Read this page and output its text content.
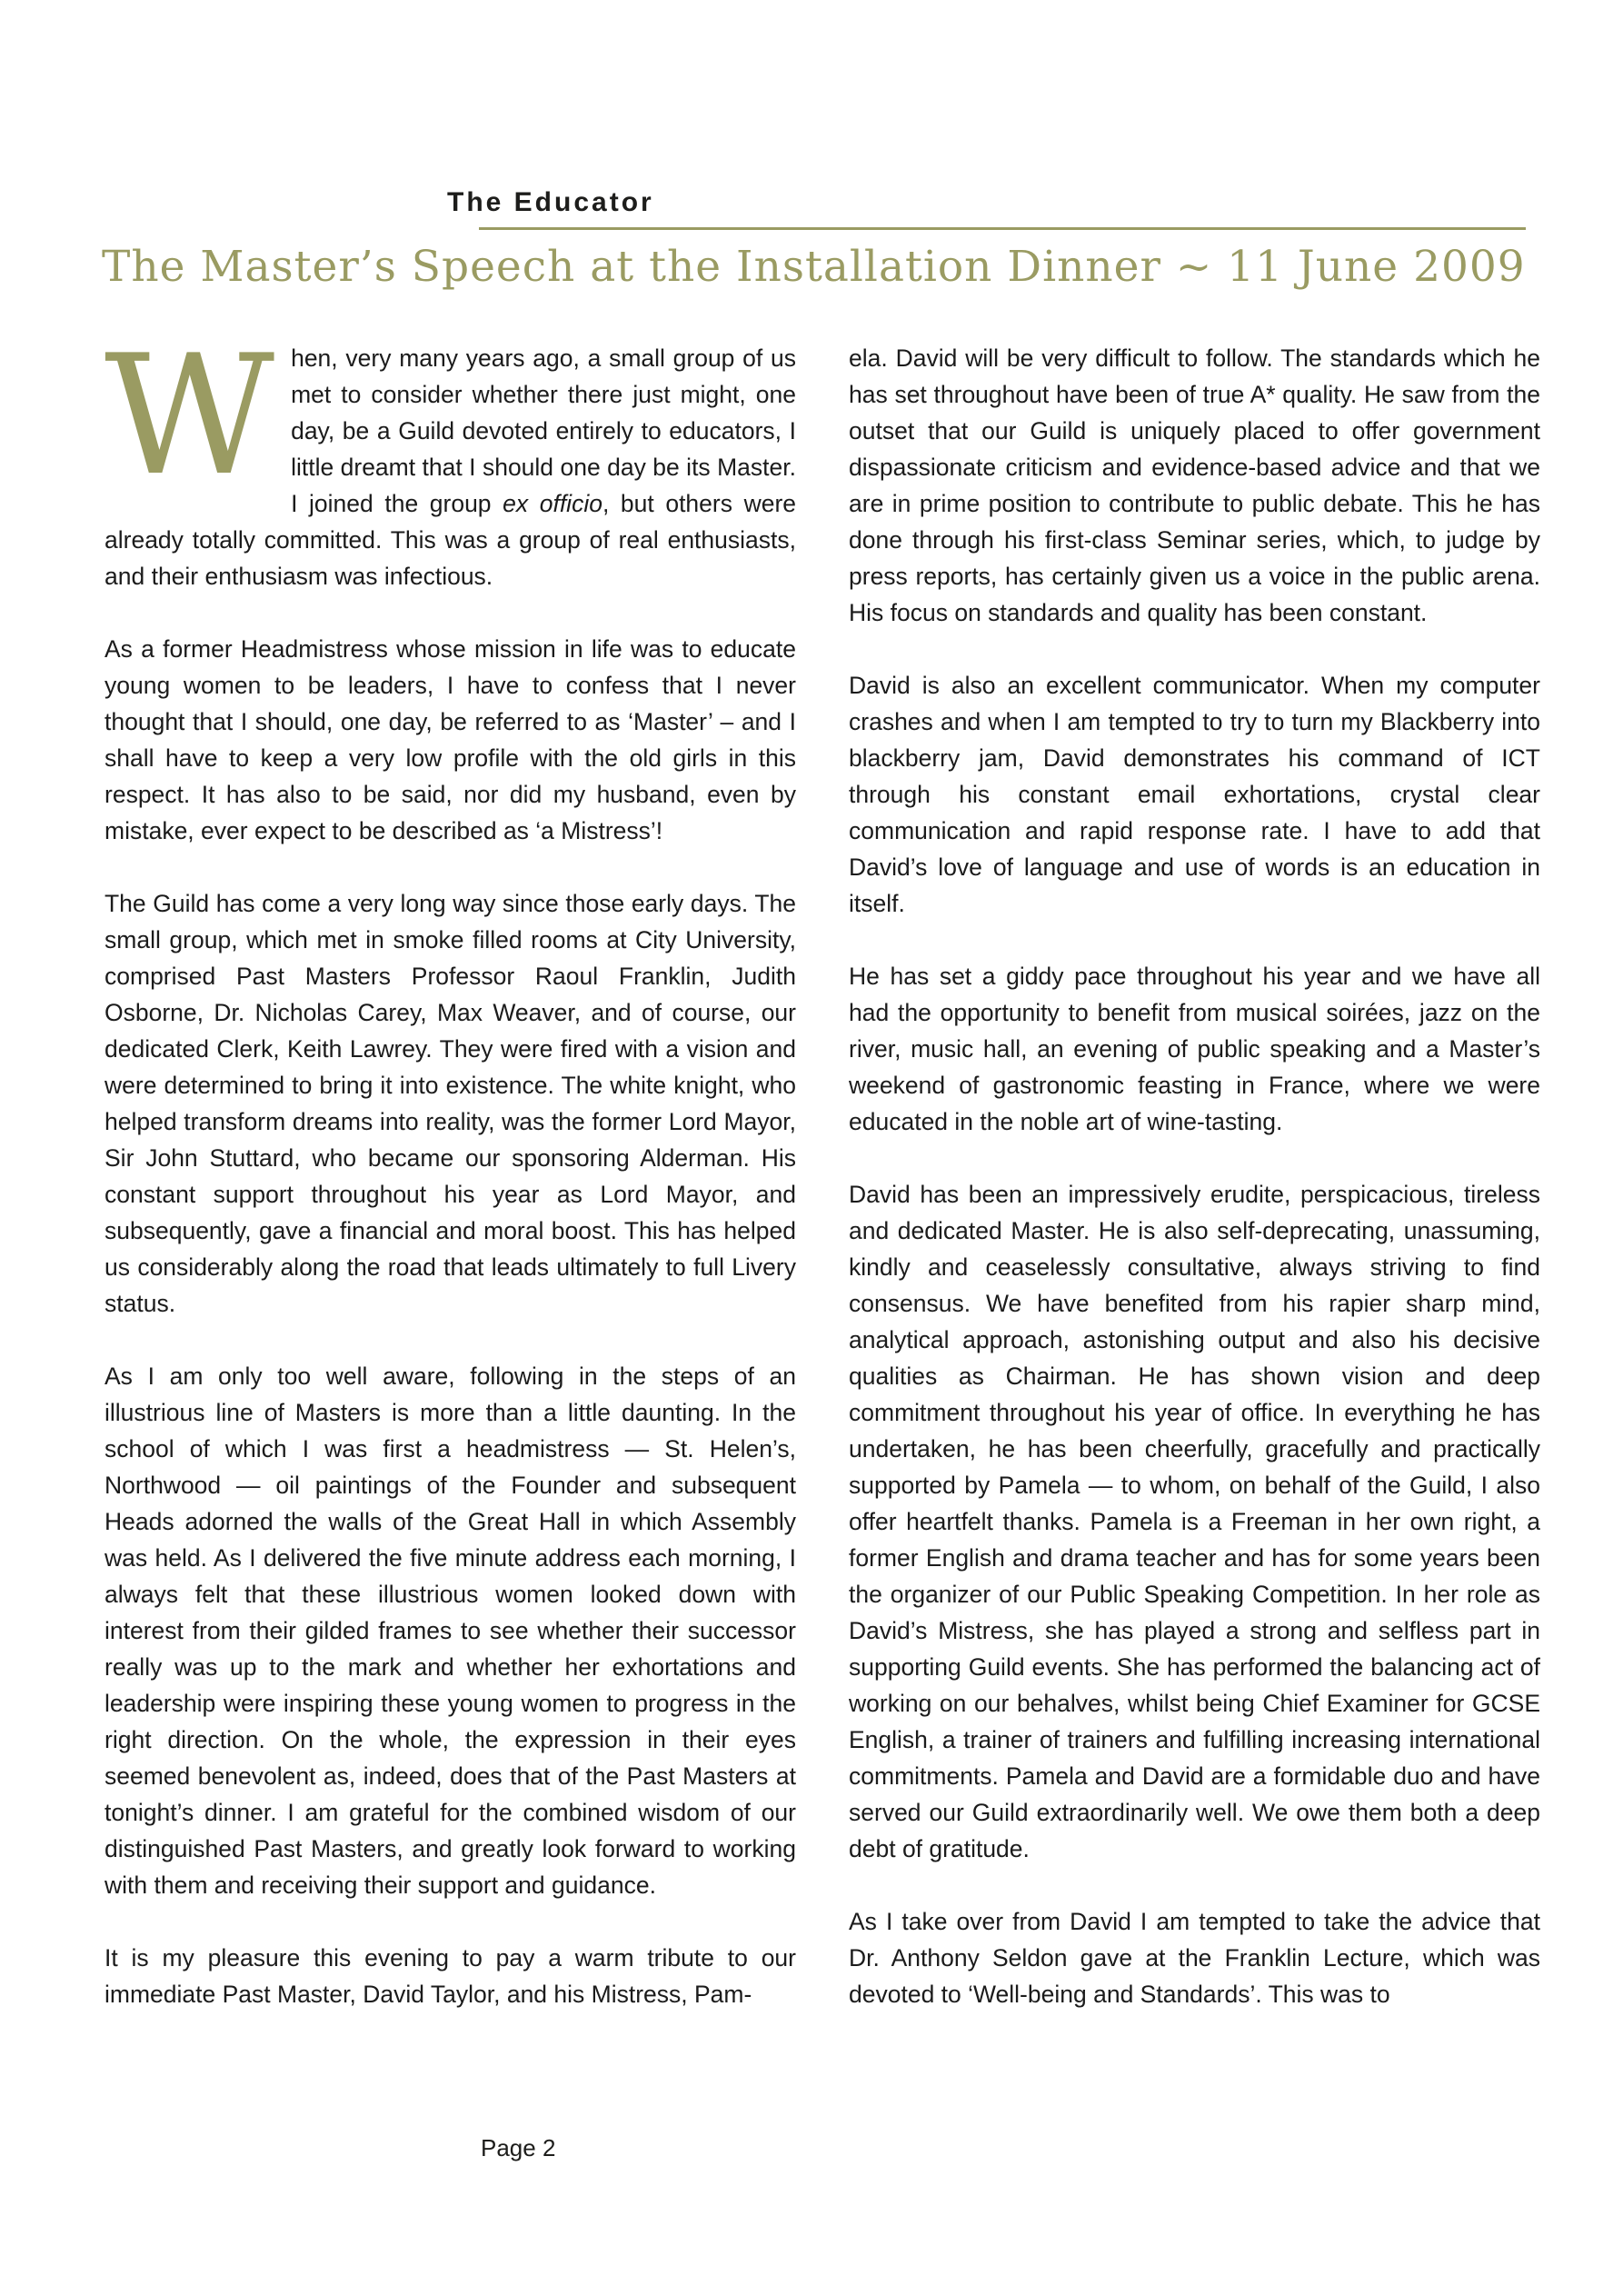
The Educator
The Master’s Speech at the Installation Dinner ~ 11 June 2009

When, very many years ago, a small group of us met to consider whether there just might, one day, be a Guild devoted entirely to educators, I little dreamt that I should one day be its Master. I joined the group ex officio, but others were already totally committed. This was a group of real enthusiasts, and their enthusiasm was infectious.

As a former Headmistress whose mission in life was to educate young women to be leaders, I have to confess that I never thought that I should, one day, be referred to as ‘Master’ – and I shall have to keep a very low profile with the old girls in this respect. It has also to be said, nor did my husband, even by mistake, ever expect to be described as ‘a Mistress’!

The Guild has come a very long way since those early days. The small group, which met in smoke filled rooms at City University, comprised Past Masters Professor Raoul Franklin, Judith Osborne, Dr. Nicholas Carey, Max Weaver, and of course, our dedicated Clerk, Keith Lawrey. They were fired with a vision and were determined to bring it into existence. The white knight, who helped transform dreams into reality, was the former Lord Mayor, Sir John Stuttard, who became our sponsoring Alderman. His constant support throughout his year as Lord Mayor, and subsequently, gave a financial and moral boost. This has helped us considerably along the road that leads ultimately to full Livery status.

As I am only too well aware, following in the steps of an illustrious line of Masters is more than a little daunting. In the school of which I was first a headmistress — St. Helen’s, Northwood — oil paintings of the Founder and subsequent Heads adorned the walls of the Great Hall in which Assembly was held. As I delivered the five minute address each morning, I always felt that these illustrious women looked down with interest from their gilded frames to see whether their successor really was up to the mark and whether her exhortations and leadership were inspiring these young women to progress in the right direction. On the whole, the expression in their eyes seemed benevolent as, indeed, does that of the Past Masters at tonight’s dinner. I am grateful for the combined wisdom of our distinguished Past Masters, and greatly look forward to working with them and receiving their support and guidance.

It is my pleasure this evening to pay a warm tribute to our immediate Past Master, David Taylor, and his Mistress, Pam-

ela. David will be very difficult to follow. The standards which he has set throughout have been of true A* quality. He saw from the outset that our Guild is uniquely placed to offer government dispassionate criticism and evidence-based advice and that we are in prime position to contribute to public debate. This he has done through his first-class Seminar series, which, to judge by press reports, has certainly given us a voice in the public arena. His focus on standards and quality has been constant.

David is also an excellent communicator. When my computer crashes and when I am tempted to try to turn my Blackberry into blackberry jam, David demonstrates his command of ICT through his constant email exhortations, crystal clear communication and rapid response rate. I have to add that David’s love of language and use of words is an education in itself.

He has set a giddy pace throughout his year and we have all had the opportunity to benefit from musical soirées, jazz on the river, music hall, an evening of public speaking and a Master’s weekend of gastronomic feasting in France, where we were educated in the noble art of wine-tasting.

David has been an impressively erudite, perspicacious, tireless and dedicated Master. He is also self-deprecating, unassuming, kindly and ceaselessly consultative, always striving to find consensus. We have benefited from his rapier sharp mind, analytical approach, astonishing output and also his decisive qualities as Chairman. He has shown vision and deep commitment throughout his year of office. In everything he has undertaken, he has been cheerfully, gracefully and practically supported by Pamela — to whom, on behalf of the Guild, I also offer heartfelt thanks. Pamela is a Freeman in her own right, a former English and drama teacher and has for some years been the organizer of our Public Speaking Competition. In her role as David’s Mistress, she has played a strong and selfless part in supporting Guild events. She has performed the balancing act of working on our behalves, whilst being Chief Examiner for GCSE English, a trainer of trainers and fulfilling increasing international commitments. Pamela and David are a formidable duo and have served our Guild extraordinarily well. We owe them both a deep debt of gratitude.

As I take over from David I am tempted to take the advice that Dr. Anthony Seldon gave at the Franklin Lecture, which was devoted to ‘Well-being and Standards’. This was to

Page 2
